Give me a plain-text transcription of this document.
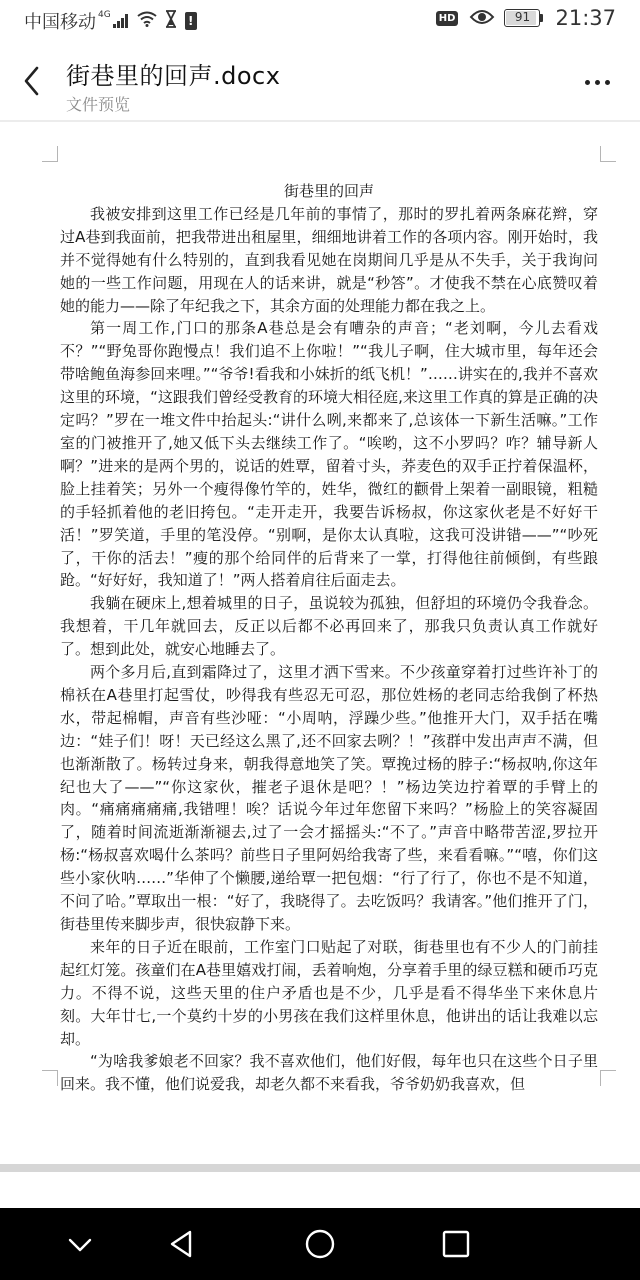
中国移动 4G	!	HD	91	21:37
街巷里的回声.docx
文件预览

街巷里的回声

我被安排到这里工作已经是几年前的事情了，那时的罗扎着两条麻花辫，穿过A巷到我面前，把我带进出租屋里，细细地讲着工作的各项内容。刚开始时，我并不觉得她有什么特别的，直到我看见她在岗期间几乎是从不失手，关于我询问她的一些工作问题，用现在人的话来讲，就是“秒答”。才使我不禁在心底赞叹着她的能力——除了年纪我之下，其余方面的处理能力都在我之上。

第一周工作,门口的那条A巷总是会有嘈杂的声音；“老刘啊，今儿去看戏不？”“野兔哥你跑慢点！我们追不上你啦！”“我儿子啊，住大城市里，每年还会带啥鲍鱼海参回来哩。”“爷爷!看我和小妹折的纸飞机！”……讲实在的,我并不喜欢这里的环境，“这跟我们曾经受教育的环境大相径庭,来这里工作真的算是正确的决定吗？”罗在一堆文件中抬起头:“讲什么咧,来都来了,总该体一下新生活嘛。”工作室的门被推开了,她又低下头去继续工作了。“唉哟，这不小罗吗？咋？辅导新人啊？”进来的是两个男的，说话的姓覃，留着寸头，荞麦色的双手正拧着保温杯，脸上挂着笑；另外一个瘦得像竹竿的，姓华，微红的颧骨上架着一副眼镜，粗糙的手轻抓着他的老旧挎包。“走开走开，我要告诉杨叔，你这家伙老是不好好干活！”罗笑道，手里的笔没停。“别啊，是你太认真啦，这我可没讲错——”“吵死了，干你的活去！”瘦的那个给同伴的后背来了一掌，打得他往前倾倒，有些踉跄。“好好好，我知道了！”两人搭着肩往后面走去。

我躺在硬床上,想着城里的日子，虽说较为孤独，但舒坦的环境仍令我眷念。我想着，干几年就回去，反正以后都不必再回来了，那我只负责认真工作就好了。想到此处，就安心地睡去了。

两个多月后,直到霜降过了，这里才洒下雪来。不少孩童穿着打过些许补丁的棉袄在A巷里打起雪仗，吵得我有些忍无可忍，那位姓杨的老同志给我倒了杯热水，带起棉帽，声音有些沙哑：“小周呐，浮躁少些。”他推开大门，双手括在嘴边：“娃子们！呀！天已经这么黑了,还不回家去咧？！”孩群中发出声声不满，但也渐渐散了。杨转过身来，朝我得意地笑了笑。覃挽过杨的脖子:“杨叔呐,你这年纪也大了——”“你这家伙，摧老子退休是吧？！”杨边笑边拧着覃的手臂上的肉。“痛痛痛痛痛,我错哩！唉？话说今年过年您留下来吗？”杨脸上的笑容凝固了，随着时间流逝渐渐褪去,过了一会才摇摇头:“不了。”声音中略带苦涩,罗拉开杨:“杨叔喜欢喝什么茶吗？前些日子里阿妈给我寄了些，来看看嘛。”“嘻，你们这些小家伙呐……”华伸了个懒腰,递给覃一把包烟：“行了行了，你也不是不知道，不问了哈。”覃取出一根：“好了，我晓得了。去吃饭吗？我请客。”他们推开了门，街巷里传来脚步声，很快寂静下来。

来年的日子近在眼前，工作室门口贴起了对联，街巷里也有不少人的门前挂起红灯笼。孩童们在A巷里嬉戏打闹，丢着响炮，分享着手里的绿豆糕和硬币巧克力。不得不说，这些天里的住户矛盾也是不少，几乎是看不得华坐下来休息片刻。大年廿七,一个莫约十岁的小男孩在我们这样里休息，他讲出的话让我难以忘却。

“为啥我爹娘老不回家？我不喜欢他们，他们好假，每年也只在这些个日子里回来。我不懂，他们说爱我，却老久都不来看我，爷爷奶奶我喜欢，但
